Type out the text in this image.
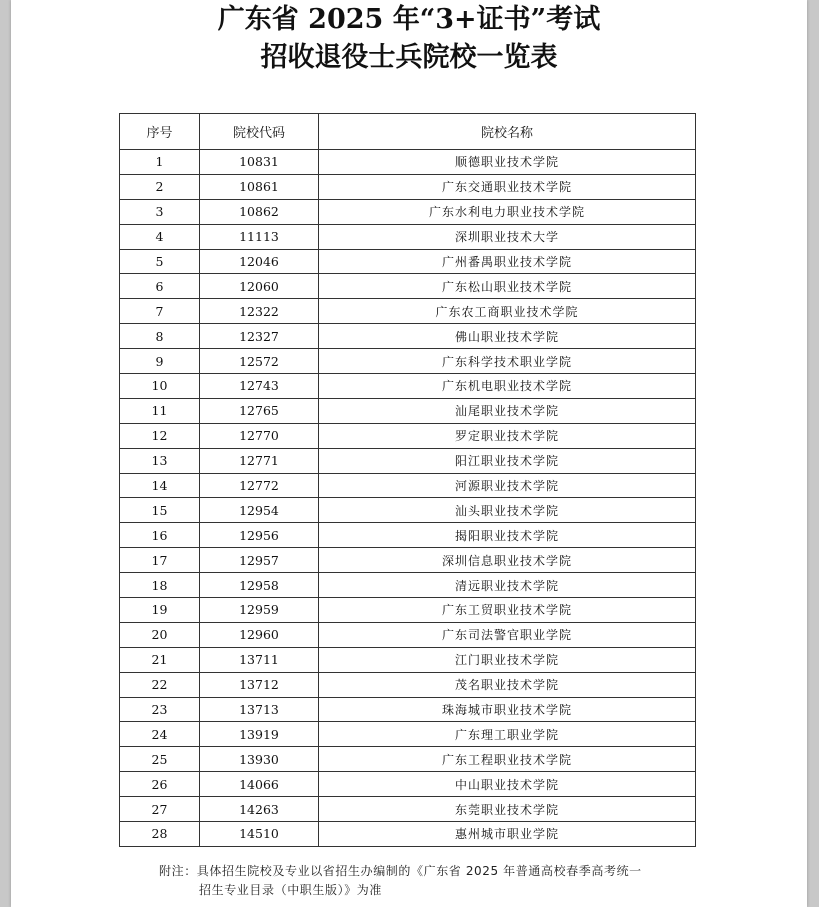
广东省 2025 年“3+证书”考试
招收退役士兵院校一览表
序号	院校代码	院校名称
1	10831	顺德职业技术学院
2	10861	广东交通职业技术学院
3	10862	广东水利电力职业技术学院
4	11113	深圳职业技术大学
5	12046	广州番禺职业技术学院
6	12060	广东松山职业技术学院
7	12322	广东农工商职业技术学院
8	12327	佛山职业技术学院
9	12572	广东科学技术职业学院
10	12743	广东机电职业技术学院
11	12765	汕尾职业技术学院
12	12770	罗定职业技术学院
13	12771	阳江职业技术学院
14	12772	河源职业技术学院
15	12954	汕头职业技术学院
16	12956	揭阳职业技术学院
17	12957	深圳信息职业技术学院
18	12958	清远职业技术学院
19	12959	广东工贸职业技术学院
20	12960	广东司法警官职业学院
21	13711	江门职业技术学院
22	13712	茂名职业技术学院
23	13713	珠海城市职业技术学院
24	13919	广东理工职业学院
25	13930	广东工程职业技术学院
26	14066	中山职业技术学院
27	14263	东莞职业技术学院
28	14510	惠州城市职业学院
附注：具体招生院校及专业以省招生办编制的《广东省 2025 年普通高校春季高考统一
招生专业目录（中职生版）》为准
